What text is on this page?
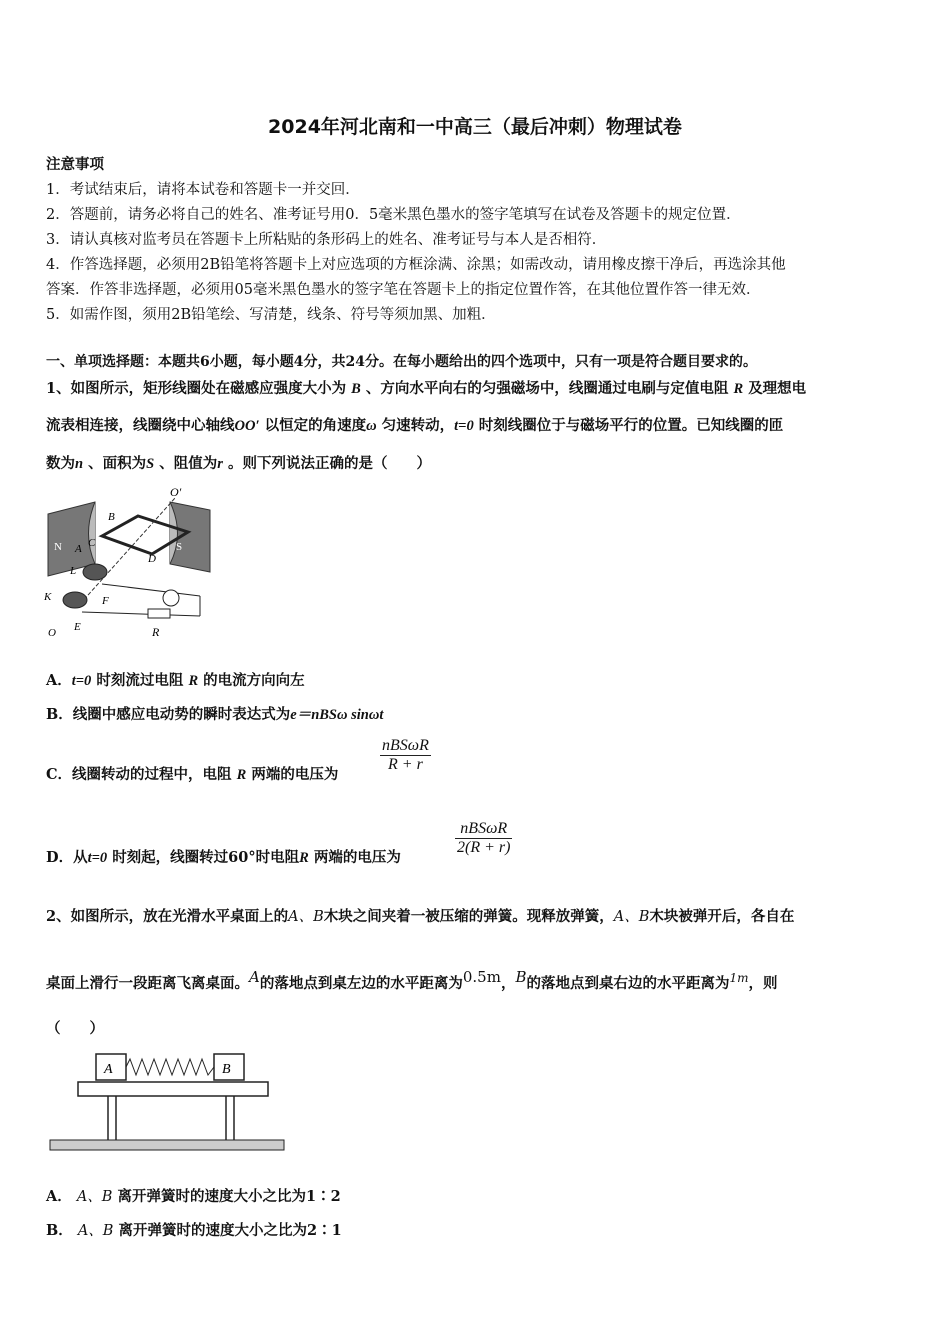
2024年河北南和一中高三（最后冲刺）物理试卷
注意事项
1．考试结束后，请将本试卷和答题卡一并交回．
2．答题前，请务必将自己的姓名、准考证号用0．5毫米黑色墨水的签字笔填写在试卷及答题卡的规定位置．
3．请认真核对监考员在答题卡上所粘贴的条形码上的姓名、准考证号与本人是否相符．
4．作答选择题，必须用2B铅笔将答题卡上对应选项的方框涂满、涂黑；如需改动，请用橡皮擦干净后，再选涂其他
答案．作答非选择题，必须用05毫米黑色墨水的签字笔在答题卡上的指定位置作答，在其他位置作答一律无效．
5．如需作图，须用2B铅笔绘、写清楚，线条、符号等须加黑、加粗．
一、单项选择题：本题共6小题，每小题4分，共24分。在每小题给出的四个选项中，只有一项是符合题目要求的。
1、如图所示，矩形线圈处在磁感应强度大小为 B 、方向水平向右的匀强磁场中，线圈通过电刷与定值电阻 R 及理想电
流表相连接，线圈绕中心轴线OO′ 以恒定的角速度ω 匀速转动，t=0 时刻线圈位于与磁场平行的位置。已知线圈的匝
数为n 、面积为S 、阻值为r 。则下列说法正确的是（　　）
O′
B
N A C
D
S
L
K	F
O E	R
A．t=0 时刻流过电阻 R 的电流方向向左
B．线圈中感应电动势的瞬时表达式为e＝nBSω sinωt
C．线圈转动的过程中，电阻 R 两端的电压为
nBSωR
R + r
D．从t=0 时刻起，线圈转过60°时电阻R 两端的电压为
nBSωR
2(R + r)
2、如图所示，放在光滑水平桌面上的A、B木块之间夹着一被压缩的弹簧。现释放弹簧，A、B木块被弹开后，各自在
桌面上滑行一段距离飞离桌面。$^A$的落地点到桌左边的水平距离为$^{0.5m}$，$^B$的落地点到桌右边的水平距离为$^{1m}$，则
（　　）
A	B
A． A、B 离开弹簧时的速度大小之比为1∶2
B． A、B 离开弹簧时的速度大小之比为2∶1
